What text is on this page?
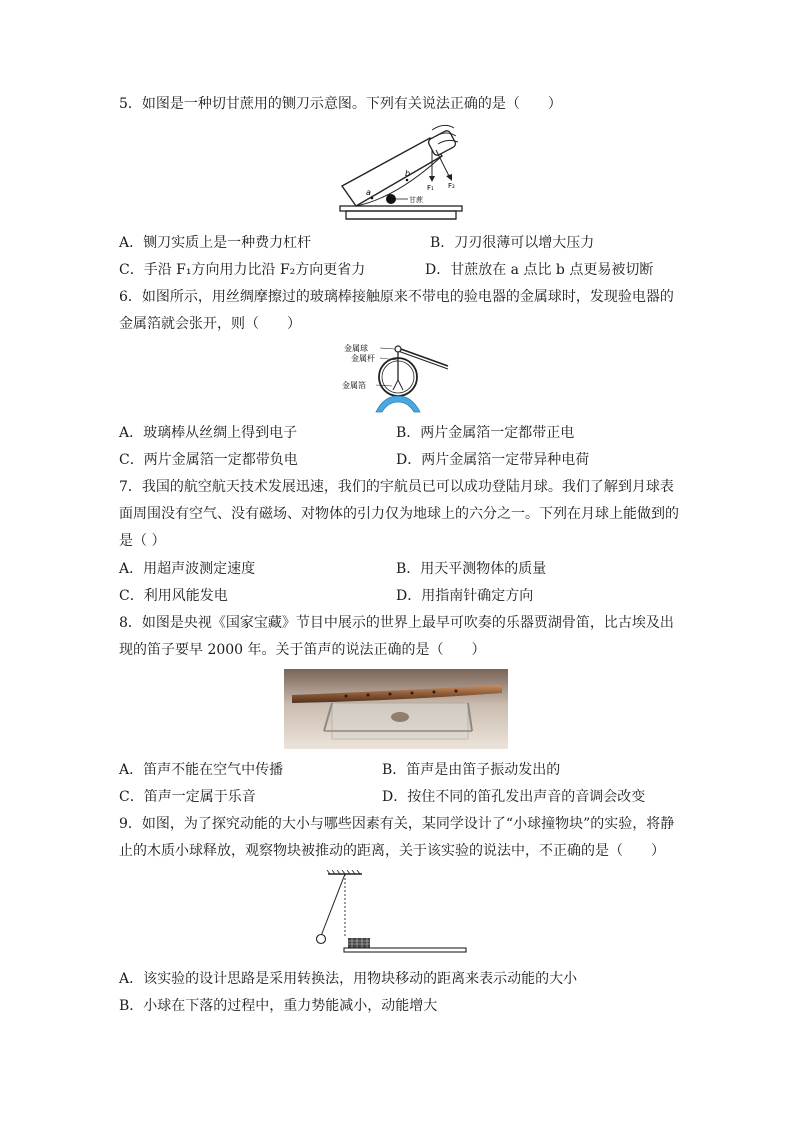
5．如图是一种切甘蔗用的铡刀示意图。下列有关说法正确的是（　　）
a
b
甘蔗
F₁ F₂
A．铡刀实质上是一种费力杠杆	B．刀刃很薄可以增大压力
C．手沿 F₁方向用力比沿 F₂方向更省力	D．甘蔗放在 a 点比 b 点更易被切断
6．如图所示，用丝绸摩擦过的玻璃棒接触原来不带电的验电器的金属球时，发现验电器的
金属箔就会张开，则（　　）
金属球
金属杆
金属箔
A．玻璃棒从丝绸上得到电子	B．两片金属箔一定都带正电
C．两片金属箔一定都带负电	D．两片金属箔一定带异种电荷
7．我国的航空航天技术发展迅速，我们的宇航员已可以成功登陆月球。我们了解到月球表
面周围没有空气、没有磁场、对物体的引力仅为地球上的六分之一。下列在月球上能做到的
是（ ）
A．用超声波测定速度	B．用天平测物体的质量
C．利用风能发电	D．用指南针确定方向
8．如图是央视《国家宝藏》节目中展示的世界上最早可吹奏的乐器贾湖骨笛，比古埃及出
现的笛子要早 2000 年。关于笛声的说法正确的是（　　）
A．笛声不能在空气中传播	B．笛声是由笛子振动发出的
C．笛声一定属于乐音	D．按住不同的笛孔发出声音的音调会改变
9．如图，为了探究动能的大小与哪些因素有关，某同学设计了“小球撞物块”的实验，将静
止的木质小球释放，观察物块被推动的距离，关于该实验的说法中，不正确的是（　　）
A．该实验的设计思路是采用转换法，用物块移动的距离来表示动能的大小
B．小球在下落的过程中，重力势能减小，动能增大
